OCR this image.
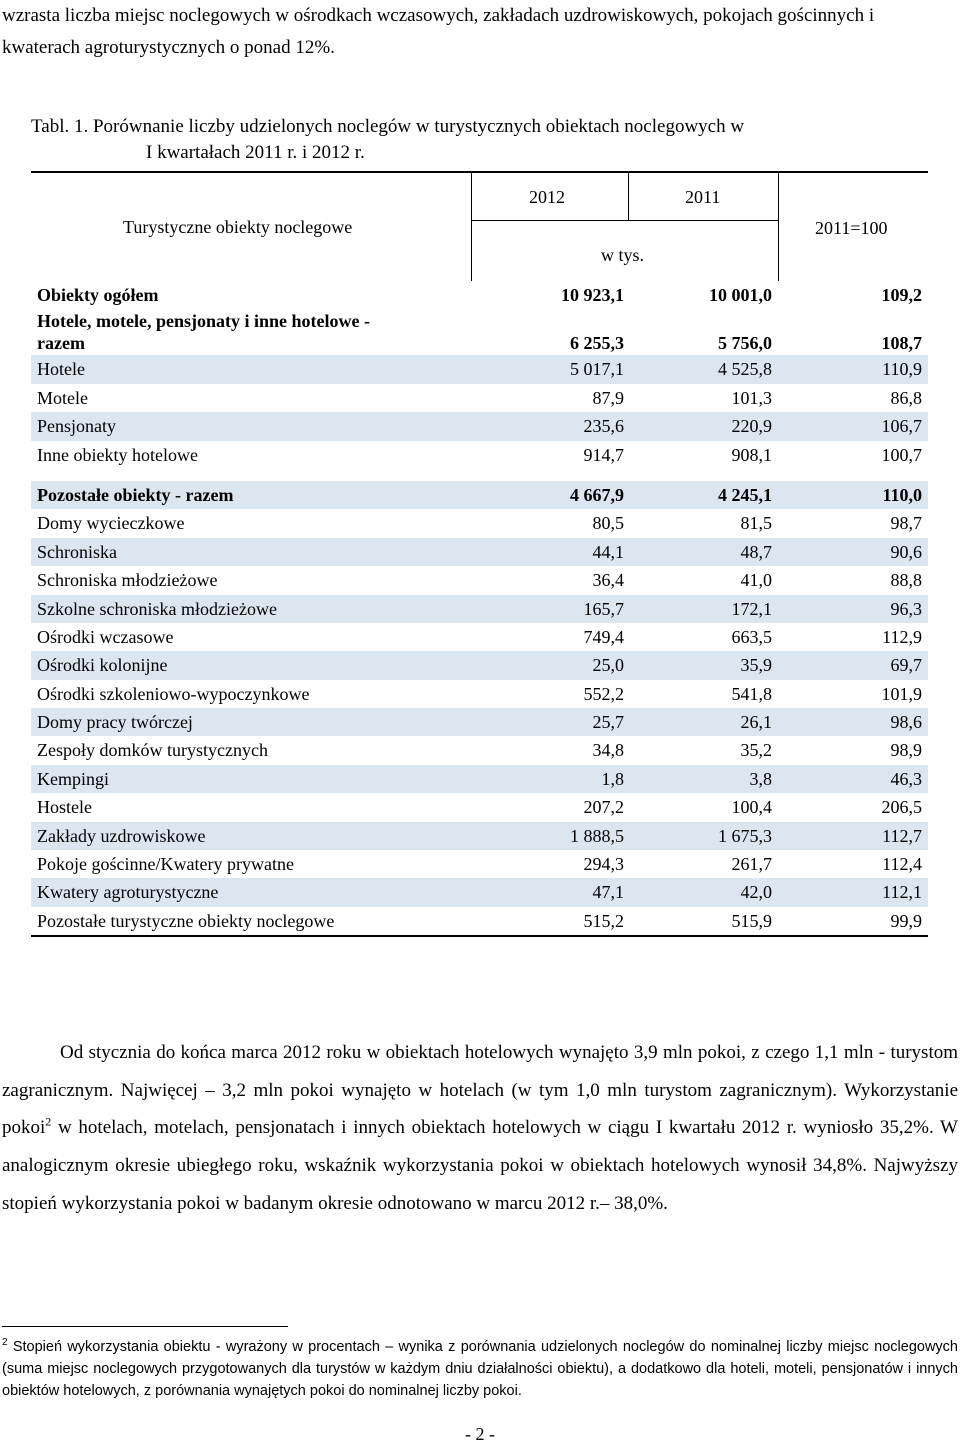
wzrasta liczba miejsc noclegowych w ośrodkach wczasowych, zakładach uzdrowiskowych, pokojach gościnnych i kwaterach agroturystycznych o ponad 12%.
Tabl. 1. Porównanie liczby udzielonych noclegów w turystycznych obiektach noclegowych w
I kwartałach 2011 r. i 2012 r.
Turystyczne obiekty noclegowe
2012	2011
w tys.
2011=100
Obiekty ogółem	10 923,1	10 001,0	109,2
Hotele, motele, pensjonaty i inne hotelowe -
razem	6 255,3	5 756,0	108,7
Hotele	5 017,1	4 525,8	110,9
Motele	87,9	101,3	86,8
Pensjonaty	235,6	220,9	106,7
Inne obiekty hotelowe	914,7	908,1	100,7
Pozostałe obiekty - razem	4 667,9	4 245,1	110,0
Domy wycieczkowe	80,5	81,5	98,7
Schroniska	44,1	48,7	90,6
Schroniska młodzieżowe	36,4	41,0	88,8
Szkolne schroniska młodzieżowe	165,7	172,1	96,3
Ośrodki wczasowe	749,4	663,5	112,9
Ośrodki kolonijne	25,0	35,9	69,7
Ośrodki szkoleniowo-wypoczynkowe	552,2	541,8	101,9
Domy pracy twórczej	25,7	26,1	98,6
Zespoły domków turystycznych	34,8	35,2	98,9
Kempingi	1,8	3,8	46,3
Hostele	207,2	100,4	206,5
Zakłady uzdrowiskowe	1 888,5	1 675,3	112,7
Pokoje gościnne/Kwatery prywatne	294,3	261,7	112,4
Kwatery agroturystyczne	47,1	42,0	112,1
Pozostałe turystyczne obiekty noclegowe	515,2	515,9	99,9

Od stycznia do końca marca 2012 roku w obiektach hotelowych wynajęto 3,9 mln pokoi, z czego 1,1 mln - turystom zagranicznym. Najwięcej – 3,2 mln pokoi wynajęto w hotelach (w tym 1,0 mln turystom zagranicznym). Wykorzystanie pokoi$^2$ w hotelach, motelach, pensjonatach i innych obiektach hotelowych w ciągu I kwartału 2012 r. wyniosło 35,2%. W analogicznym okresie ubiegłego roku, wskaźnik wykorzystania pokoi w obiektach hotelowych wynosił 34,8%. Najwyższy stopień wykorzystania pokoi w badanym okresie odnotowano w marcu 2012 r.– 38,0%.

$^2$ Stopień wykorzystania obiektu - wyrażony w procentach – wynika z porównania udzielonych noclegów do nominalnej liczby miejsc noclegowych (suma miejsc noclegowych przygotowanych dla turystów w każdym dniu działalności obiektu), a dodatkowo dla hoteli, moteli, pensjonatów i innych obiektów hotelowych, z porównania wynajętych pokoi do nominalnej liczby pokoi.
- 2 -
